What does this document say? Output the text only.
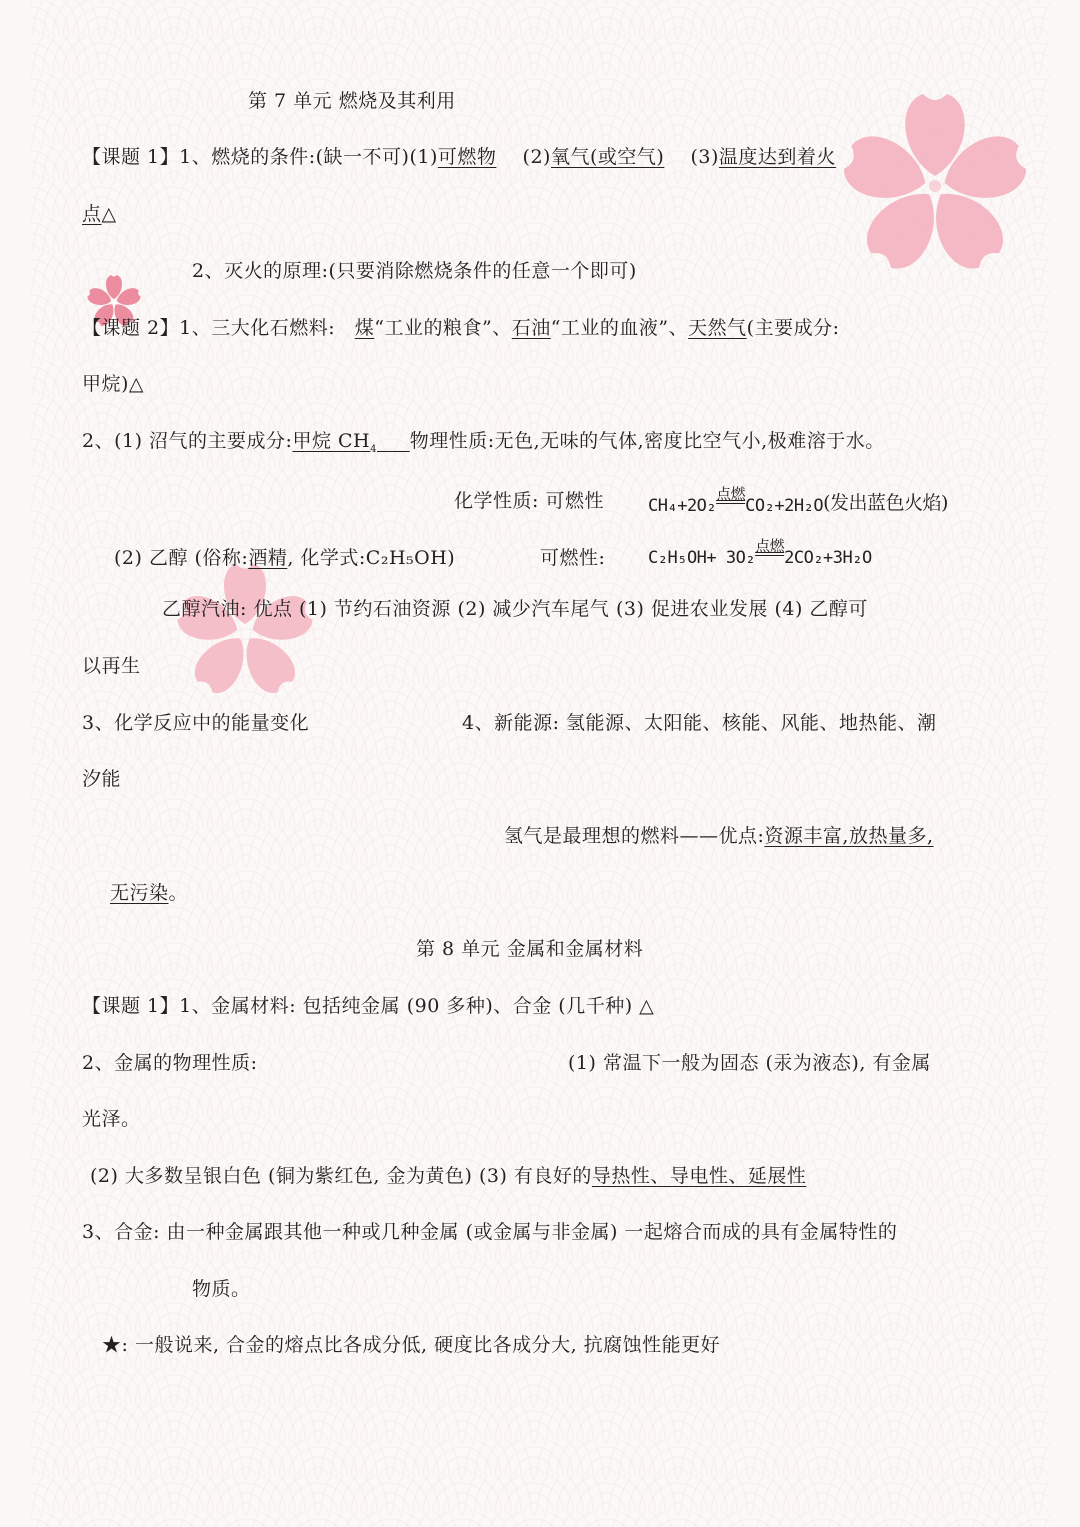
第 7 单元 燃烧及其利用
【课题 1】1、燃烧的条件:(缺一不可)(1)可燃物 (2)氧气(或空气) (3)温度达到着火
点△
2、灭火的原理:(只要消除燃烧条件的任意一个即可)
【课题 2】1、三大化石燃料: 煤“工业的粮食”、石油“工业的血液”、天然气(主要成分:
甲烷)△
2、(1) 沼气的主要成分:甲烷 $CH_4$ 物理性质:无色,无味的气体,密度比空气小,极难溶于水。
化学性质: 可燃性	CH₄+2O₂
点燃
CO₂+2H₂O(发出蓝色火焰)
(2) 乙醇 (俗称:酒精, 化学式:C₂H₅OH)	可燃性:	C₂H₅OH+ 3O₂
点燃
2CO₂+3H₂O
乙醇汽油: 优点 (1) 节约石油资源 (2) 减少汽车尾气 (3) 促进农业发展 (4) 乙醇可
以再生
3、化学反应中的能量变化	4、新能源: 氢能源、太阳能、核能、风能、地热能、潮
汐能
氢气是最理想的燃料——优点:资源丰富,放热量多,
无污染。
第 8 单元 金属和金属材料
【课题 1】1、金属材料: 包括纯金属 (90 多种)、合金 (几千种) △
2、金属的物理性质:	(1) 常温下一般为固态 (汞为液态), 有金属
光泽。
(2) 大多数呈银白色 (铜为紫红色, 金为黄色) (3) 有良好的导热性、导电性、延展性
3、合金: 由一种金属跟其他一种或几种金属 (或金属与非金属) 一起熔合而成的具有金属特性的
物质。
★: 一般说来, 合金的熔点比各成分低, 硬度比各成分大, 抗腐蚀性能更好
